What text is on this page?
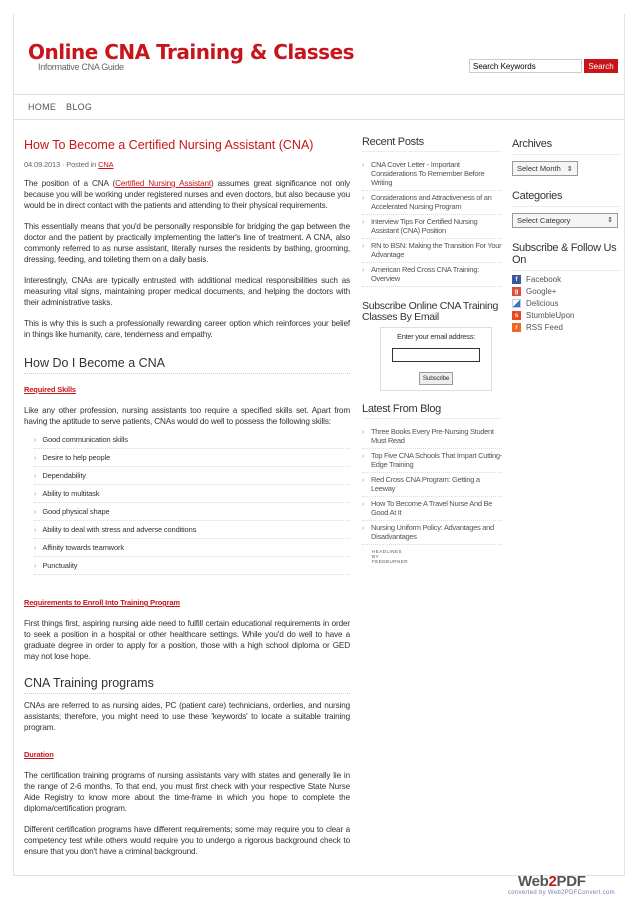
Online CNA Training & Classes
Informative CNA Guide
Search Keywords	Search
HOME BLOG
How To Become a Certified Nursing Assistant (CNA)
04.09.2013 · Posted in CNA

The position of a CNA (Certified Nursing Assistant) assumes great significance not only because you will be working under registered nurses and even doctors, but also because you would be in direct contact with the patients and attending to their physical requirements.

This essentially means that you'd be personally responsible for bridging the gap between the doctor and the patient by practically implementing the latter's line of treatment. A CNA, also commonly referred to as nurse assistant, literally nurses the residents by bathing, grooming, dressing, feeding, and toileting them on a daily basis.

Interestingly, CNAs are typically entrusted with additional medical responsibilities such as measuring vital signs, maintaining proper medical documents, and helping the doctors with their administrative tasks.

This is why this is such a professionally rewarding career option which reinforces your belief in things like humanity, care, tenderness and empathy.

How Do I Become a CNA
Required Skills

Like any other profession, nursing assistants too require a specified skills set. Apart from having the aptitude to serve patients, CNAs would do well to possess the following skills:

› Good communication skills
› Desire to help people
› Dependability
› Ability to multitask
› Good physical shape
› Ability to deal with stress and adverse conditions
› Affinity towards teamwork
› Punctuality
Requirements to Enroll Into Training Program

First things first, aspiring nursing aide need to fulfill certain educational requirements in order to seek a position in a hospital or other healthcare settings. While you'd do well to have a graduate degree in order to apply for a position, those with a high school diploma or GED may not lose hope.

CNA Training programs

CNAs are referred to as nursing aides, PC (patient care) technicians, orderlies, and nursing assistants; therefore, you might need to use these 'keywords' to locate a suitable training program.

Duration

The certification training programs of nursing assistants vary with states and generally lie in the range of 2-6 months. To that end, you must first check with your respective State Nurse Aide Registry to know more about the time-frame in which you hope to complete the diploma/certification program.

Different certification programs have different requirements; some may require you to clear a competency test while others would require you to undergo a rigorous background check to ensure that you don't have a criminal background.

Recent Posts
› CNA Cover Letter - Important Considerations To Remember Before Writing
› Considerations and Attractiveness of an Accelerated Nursing Program
› Interview Tips For Certified Nursing Assistant (CNA) Position
› RN to BSN: Making the Transition For Your Advantage
› American Red Cross CNA Training: Overview
Subscribe Online CNA Training Classes By Email
Enter your email address:
Subscribe
Latest From Blog
› Three Books Every Pre-Nursing Student Must Read
› Top Five CNA Schools That Impart Cutting-Edge Training
› Red Cross CNA Program: Getting a Leeway
› How To Become A Travel Nurse And Be Good At It
› Nursing Uniform Policy: Advantages and Disadvantages
HEADLINES BY FEEDBURNER
Archives
Select Month ⇕
Categories
Select Category	⇕
Subscribe & Follow Us On
f	Facebook
g Google+
Delicious
s StumbleUpon
r	RSS Feed
Web2PDF
converted by Web2PDFConvert.com
